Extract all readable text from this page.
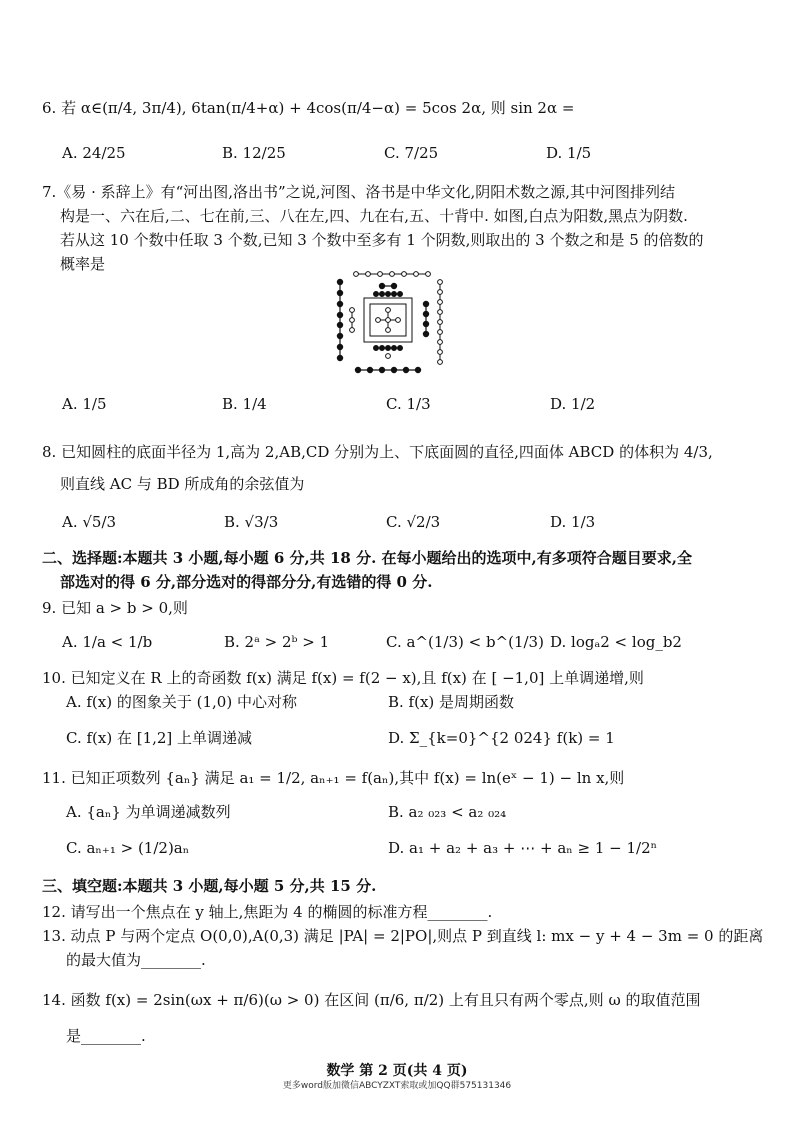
6. 若 α∈(π/4, 3π/4), 6tan(π/4+α) + 4cos(π/4−α) = 5cos 2α, 则 sin 2α =
A. 24/25	B. 12/25	C. 7/25	D. 1/5
7.《易 · 系辞上》有“河出图,洛出书”之说,河图、洛书是中华文化,阴阳术数之源,其中河图排列结
构是一、六在后,二、七在前,三、八在左,四、九在右,五、十背中. 如图,白点为阳数,黑点为阴数.
若从这 10 个数中任取 3 个数,已知 3 个数中至多有 1 个阴数,则取出的 3 个数之和是 5 的倍数的
概率是
A. 1/5	B. 1/4	C. 1/3	D. 1/2
8. 已知圆柱的底面半径为 1,高为 2,AB,CD 分别为上、下底面圆的直径,四面体 ABCD 的体积为 4/3,
则直线 AC 与 BD 所成角的余弦值为
A. √5/3	B. √3/3	C. √2/3	D. 1/3
二、选择题:本题共 3 小题,每小题 6 分,共 18 分. 在每小题给出的选项中,有多项符合题目要求,全
部选对的得 6 分,部分选对的得部分分,有选错的得 0 分.
9. 已知 a > b > 0,则
A. 1/a < 1/b	B. 2ᵃ > 2ᵇ > 1	C. a^(1/3) < b^(1/3) D. logₐ2 < log_b2
10. 已知定义在 R 上的奇函数 f(x) 满足 f(x) = f(2 − x),且 f(x) 在 [ −1,0] 上单调递增,则
A. f(x) 的图象关于 (1,0) 中心对称	B. f(x) 是周期函数
C. f(x) 在 [1,2] 上单调递减	D. Σ_{k=0}^{2 024} f(k) = 1
11. 已知正项数列 {aₙ} 满足 a₁ = 1/2, aₙ₊₁ = f(aₙ),其中 f(x) = ln(eˣ − 1) − ln x,则
A. {aₙ} 为单调递减数列	B. a₂ ₀₂₃ < a₂ ₀₂₄
C. aₙ₊₁ > (1/2)aₙ	D. a₁ + a₂ + a₃ + ⋯ + aₙ ≥ 1 − 1/2ⁿ
三、填空题:本题共 3 小题,每小题 5 分,共 15 分.
12. 请写出一个焦点在 y 轴上,焦距为 4 的椭圆的标准方程________.
13. 动点 P 与两个定点 O(0,0),A(0,3) 满足 |PA| = 2|PO|,则点 P 到直线 l: mx − y + 4 − 3m = 0 的距离
的最大值为________.
14. 函数 f(x) = 2sin(ωx + π/6)(ω > 0) 在区间 (π/6, π/2) 上有且只有两个零点,则 ω 的取值范围
是________.
数学 第 2 页(共 4 页)
更多word版加微信ABCYZXT索取或加QQ群575131346
